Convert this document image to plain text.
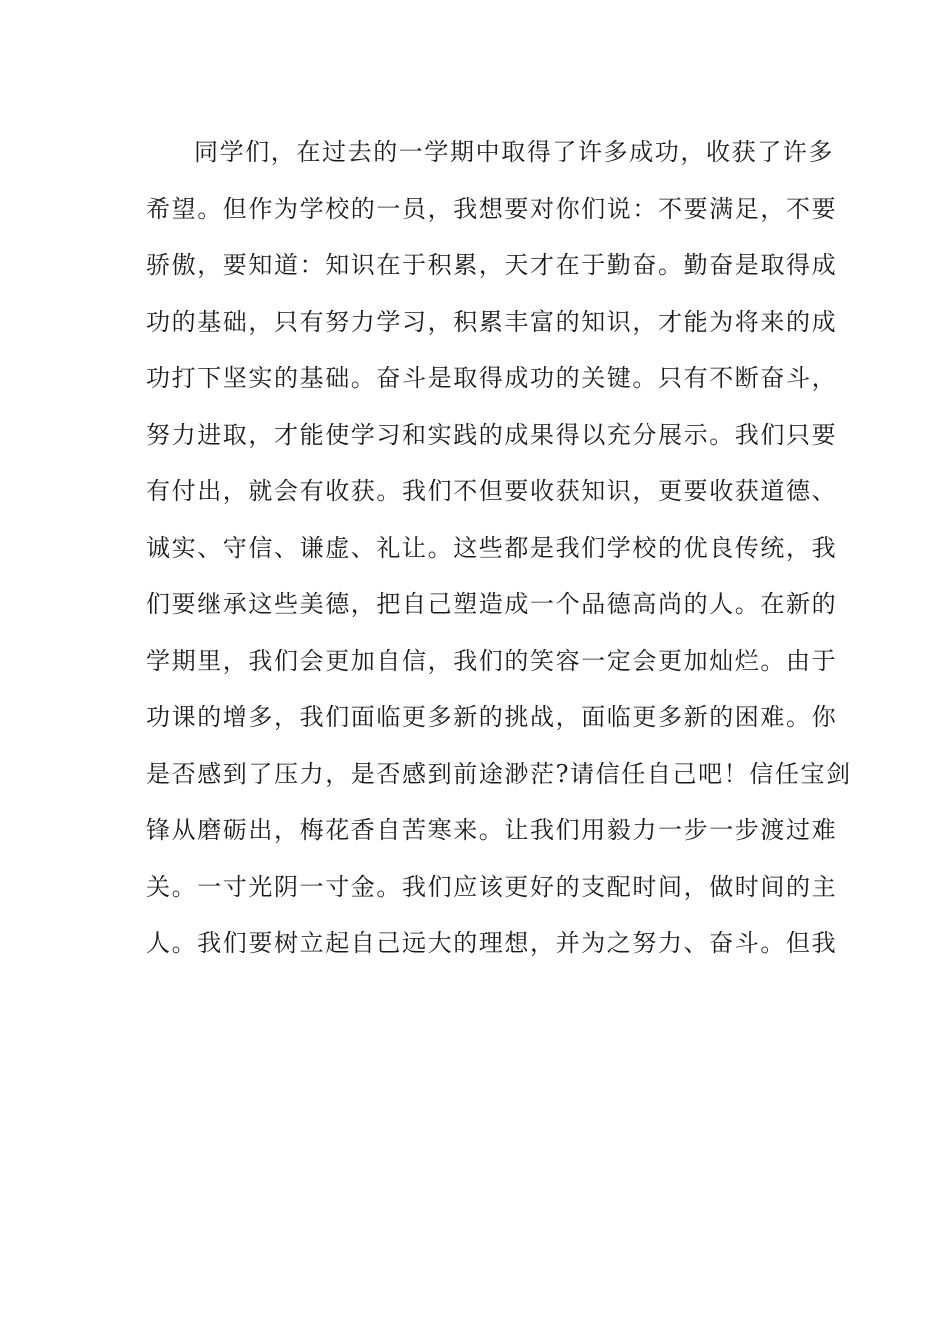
同学们，在过去的一学期中取得了许多成功，收获了许多
希望。但作为学校的一员，我想要对你们说：不要满足，不要
骄傲，要知道：知识在于积累，天才在于勤奋。勤奋是取得成
功的基础，只有努力学习，积累丰富的知识，才能为将来的成
功打下坚实的基础。奋斗是取得成功的关键。只有不断奋斗，
努力进取，才能使学习和实践的成果得以充分展示。我们只要
有付出，就会有收获。我们不但要收获知识，更要收获道德、
诚实、守信、谦虚、礼让。这些都是我们学校的优良传统，我
们要继承这些美德，把自己塑造成一个品德高尚的人。在新的
学期里，我们会更加自信，我们的笑容一定会更加灿烂。由于
功课的增多，我们面临更多新的挑战，面临更多新的困难。你
是否感到了压力，是否感到前途渺茫?请信任自己吧！信任宝剑
锋从磨砺出，梅花香自苦寒来。让我们用毅力一步一步渡过难
关。一寸光阴一寸金。我们应该更好的支配时间，做时间的主
人。我们要树立起自己远大的理想，并为之努力、奋斗。但我
